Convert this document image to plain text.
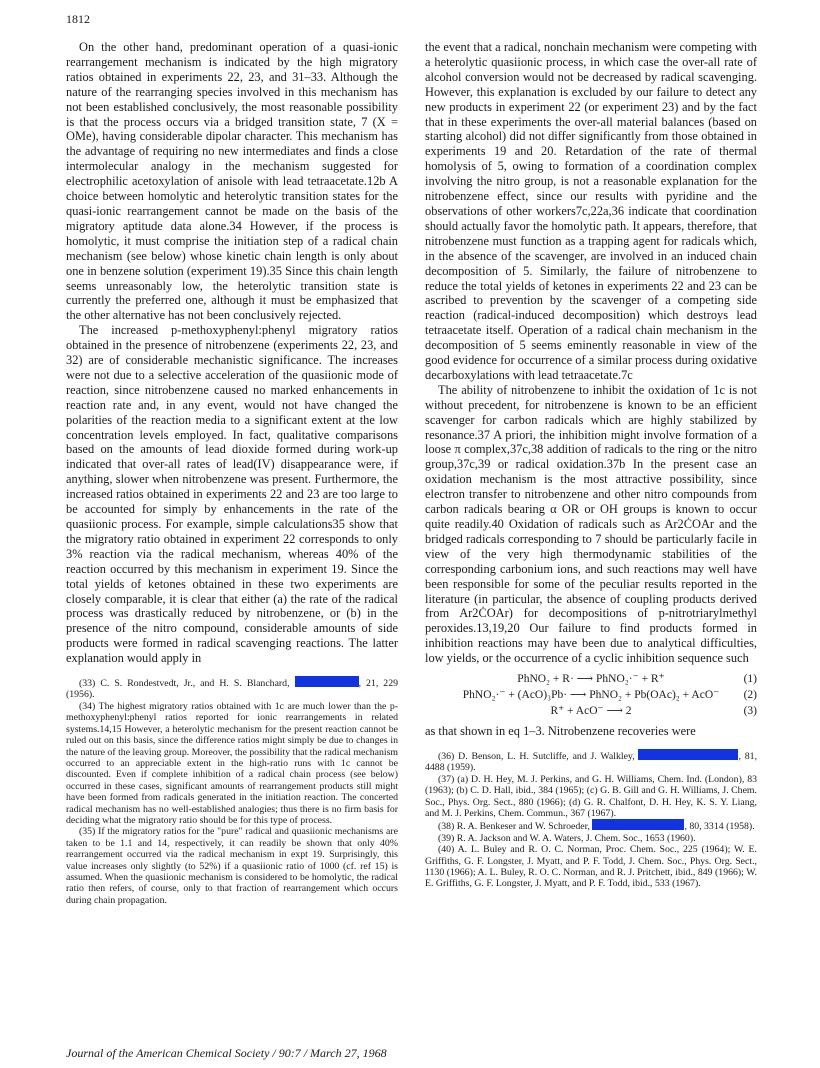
1812

On the other hand, predominant operation of a quasi-ionic rearrangement mechanism is indicated by the high migratory ratios obtained in experiments 22, 23, and 31–33. Although the nature of the rearranging species involved in this mechanism has not been established conclusively, the most reasonable possibility is that the process occurs via a bridged transition state, 7 (X = OMe), having considerable dipolar character. This mechanism has the advantage of requiring no new intermediates and finds a close intermolecular analogy in the mechanism suggested for electrophilic acetoxylation of anisole with lead tetraacetate.12b A choice between homolytic and heterolytic transition states for the quasi-ionic rearrangement cannot be made on the basis of the migratory aptitude data alone.34 However, if the process is homolytic, it must comprise the initiation step of a radical chain mechanism (see below) whose kinetic chain length is only about one in benzene solution (experiment 19).35 Since this chain length seems unreasonably low, the heterolytic transition state is currently the preferred one, although it must be emphasized that the other alternative has not been conclusively rejected.

The increased p-methoxyphenyl:phenyl migratory ratios obtained in the presence of nitrobenzene (experiments 22, 23, and 32) are of considerable mechanistic significance. The increases were not due to a selective acceleration of the quasiionic mode of reaction, since nitrobenzene caused no marked enhancements in reaction rate and, in any event, would not have changed the polarities of the reaction media to a significant extent at the low concentration levels employed. In fact, qualitative comparisons based on the amounts of lead dioxide formed during work-up indicated that over-all rates of lead(IV) disappearance were, if anything, slower when nitrobenzene was present. Furthermore, the increased ratios obtained in experiments 22 and 23 are too large to be accounted for simply by enhancements in the rate of the quasiionic process. For example, simple calculations35 show that the migratory ratio obtained in experiment 22 corresponds to only 3% reaction via the radical mechanism, whereas 40% of the reaction occurred by this mechanism in experiment 19. Since the total yields of ketones obtained in these two experiments are closely comparable, it is clear that either (a) the rate of the radical process was drastically reduced by nitrobenzene, or (b) in the presence of the nitro compound, considerable amounts of side products were formed in radical scavenging reactions. The latter explanation would apply in

(33) C. S. Rondestvedt, Jr., and H. S. Blanchard,	, 21, 229 (1956).

(34) The highest migratory ratios obtained with 1c are much lower than the p-methoxyphenyl:phenyl ratios reported for ionic rearrangements in related systems.14,15 However, a heterolytic mechanism for the present reaction cannot be ruled out on this basis, since the difference ratios might simply be due to changes in the nature of the leaving group. Moreover, the possibility that the radical mechanism occurred to an appreciable extent in the high-ratio runs with 1c cannot be discounted. Even if complete inhibition of a radical chain process (see below) occurred in these cases, significant amounts of rearrangement products still might have been formed from radicals generated in the initiation reaction. The concerted radical mechanism has no well-established analogies; thus there is no firm basis for deciding what the migratory ratio should be for this type of process.

(35) If the migratory ratios for the "pure" radical and quasiionic mechanisms are taken to be 1.1 and 14, respectively, it can readily be shown that only 40% rearrangement occurred via the radical mechanism in expt 19. Surprisingly, this value increases only slightly (to 52%) if a quasiionic ratio of 1000 (cf. ref 15) is assumed. When the quasiionic mechanism is considered to be homolytic, the radical ratio then refers, of course, only to that fraction of rearrangement which occurs during chain propagation.

the event that a radical, nonchain mechanism were competing with a heterolytic quasiionic process, in which case the over-all rate of alcohol conversion would not be decreased by radical scavenging. However, this explanation is excluded by our failure to detect any new products in experiment 22 (or experiment 23) and by the fact that in these experiments the over-all material balances (based on starting alcohol) did not differ significantly from those obtained in experiments 19 and 20. Retardation of the rate of thermal homolysis of 5, owing to formation of a coordination complex involving the nitro group, is not a reasonable explanation for the nitrobenzene effect, since our results with pyridine and the observations of other workers7c,22a,36 indicate that coordination should actually favor the homolytic path. It appears, therefore, that nitrobenzene must function as a trapping agent for radicals which, in the absence of the scavenger, are involved in an induced chain decomposition of 5. Similarly, the failure of nitrobenzene to reduce the total yields of ketones in experiments 22 and 23 can be ascribed to prevention by the scavenger of a competing side reaction (radical-induced decomposition) which destroys lead tetraacetate itself. Operation of a radical chain mechanism in the decomposition of 5 seems eminently reasonable in view of the good evidence for occurrence of a similar process during oxidative decarboxylations with lead tetraacetate.7c

The ability of nitrobenzene to inhibit the oxidation of 1c is not without precedent, for nitrobenzene is known to be an efficient scavenger for carbon radicals which are highly stabilized by resonance.37 A priori, the inhibition might involve formation of a loose π complex,37c,38 addition of radicals to the ring or the nitro group,37c,39 or radical oxidation.37b In the present case an oxidation mechanism is the most attractive possibility, since electron transfer to nitrobenzene and other nitro compounds from carbon radicals bearing α OR or OH groups is known to occur quite readily.40 Oxidation of radicals such as Ar2ĊOAr and the bridged radicals corresponding to 7 should be particularly facile in view of the very high thermodynamic stabilities of the corresponding carbonium ions, and such reactions may well have been responsible for some of the peculiar results reported in the literature (in particular, the absence of coupling products derived from Ar2ĊOAr) for decompositions of p-nitrotriarylmethyl peroxides.13,19,20 Our failure to find products formed in inhibition reactions may have been due to analytical difficulties, low yields, or the occurrence of a cyclic inhibition sequence such

PhNO₂ + R· ⟶ PhNO₂·⁻ + R⁺	(1)
PhNO₂·⁻ + (AcO)₃Pb· ⟶ PhNO₂ + Pb(OAc)₂ + AcO⁻ (2)
R⁺ + AcO⁻ ⟶ 2	(3)

as that shown in eq 1–3. Nitrobenzene recoveries were

(36) D. Benson, L. H. Sutcliffe, and J. Walkley,	, 81, 4488 (1959).

(37) (a) D. H. Hey, M. J. Perkins, and G. H. Williams, Chem. Ind. (London), 83 (1963); (b) C. D. Hall, ibid., 384 (1965); (c) G. B. Gill and G. H. Williams, J. Chem. Soc., Phys. Org. Sect., 880 (1966); (d) G. R. Chalfont, D. H. Hey, K. S. Y. Liang, and M. J. Perkins, Chem. Commun., 367 (1967).

(38) R. A. Benkeser and W. Schroeder,	, 80, 3314 (1958).

(39) R. A. Jackson and W. A. Waters, J. Chem. Soc., 1653 (1960).

(40) A. L. Buley and R. O. C. Norman, Proc. Chem. Soc., 225 (1964); W. E. Griffiths, G. F. Longster, J. Myatt, and P. F. Todd, J. Chem. Soc., Phys. Org. Sect., 1130 (1966); A. L. Buley, R. O. C. Norman, and R. J. Pritchett, ibid., 849 (1966); W. E. Griffiths, G. F. Longster, J. Myatt, and P. F. Todd, ibid., 533 (1967).

Journal of the American Chemical Society / 90:7 / March 27, 1968
